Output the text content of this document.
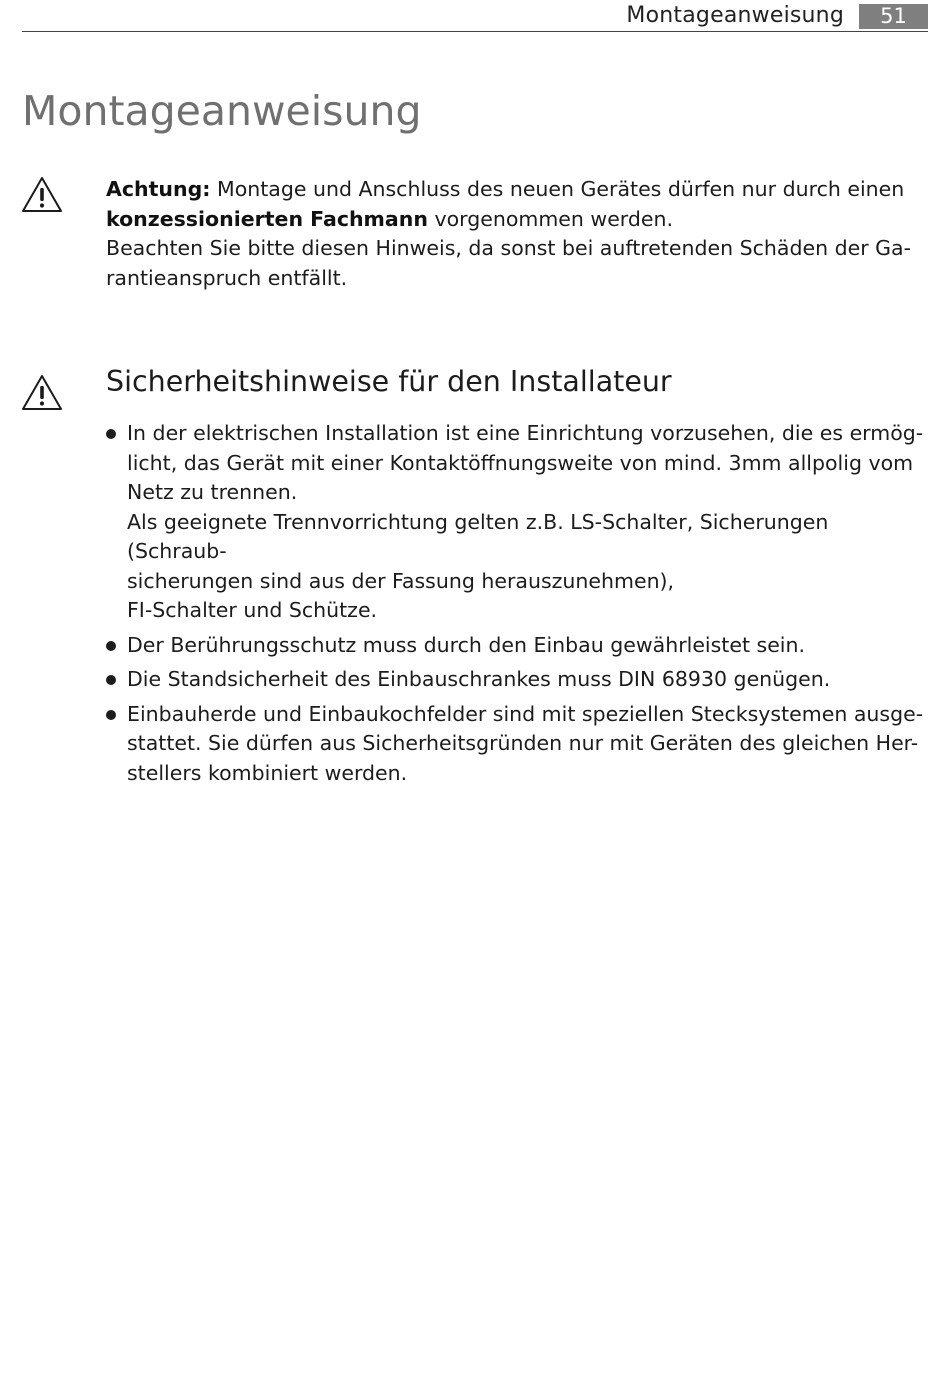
Montageanweisung	51
Montageanweisung
Achtung: Montage und Anschluss des neuen Gerätes dürfen nur durch einen
konzessionierten Fachmann vorgenommen werden.
Beachten Sie bitte diesen Hinweis, da sonst bei auftretenden Schäden der Ga-
rantieanspruch entfällt.
Sicherheitshinweise für den Installateur
In der elektrischen Installation ist eine Einrichtung vorzusehen, die es ermög-
licht, das Gerät mit einer Kontaktöffnungsweite von mind. 3mm allpolig vom
Netz zu trennen.
Als geeignete Trennvorrichtung gelten z.B. LS-Schalter, Sicherungen (Schraub-
sicherungen sind aus der Fassung herauszunehmen),
FI-Schalter und Schütze.
Der Berührungsschutz muss durch den Einbau gewährleistet sein.
Die Standsicherheit des Einbauschrankes muss DIN 68930 genügen.
Einbauherde und Einbaukochfelder sind mit speziellen Stecksystemen ausge-
stattet. Sie dürfen aus Sicherheitsgründen nur mit Geräten des gleichen Her-
stellers kombiniert werden.
